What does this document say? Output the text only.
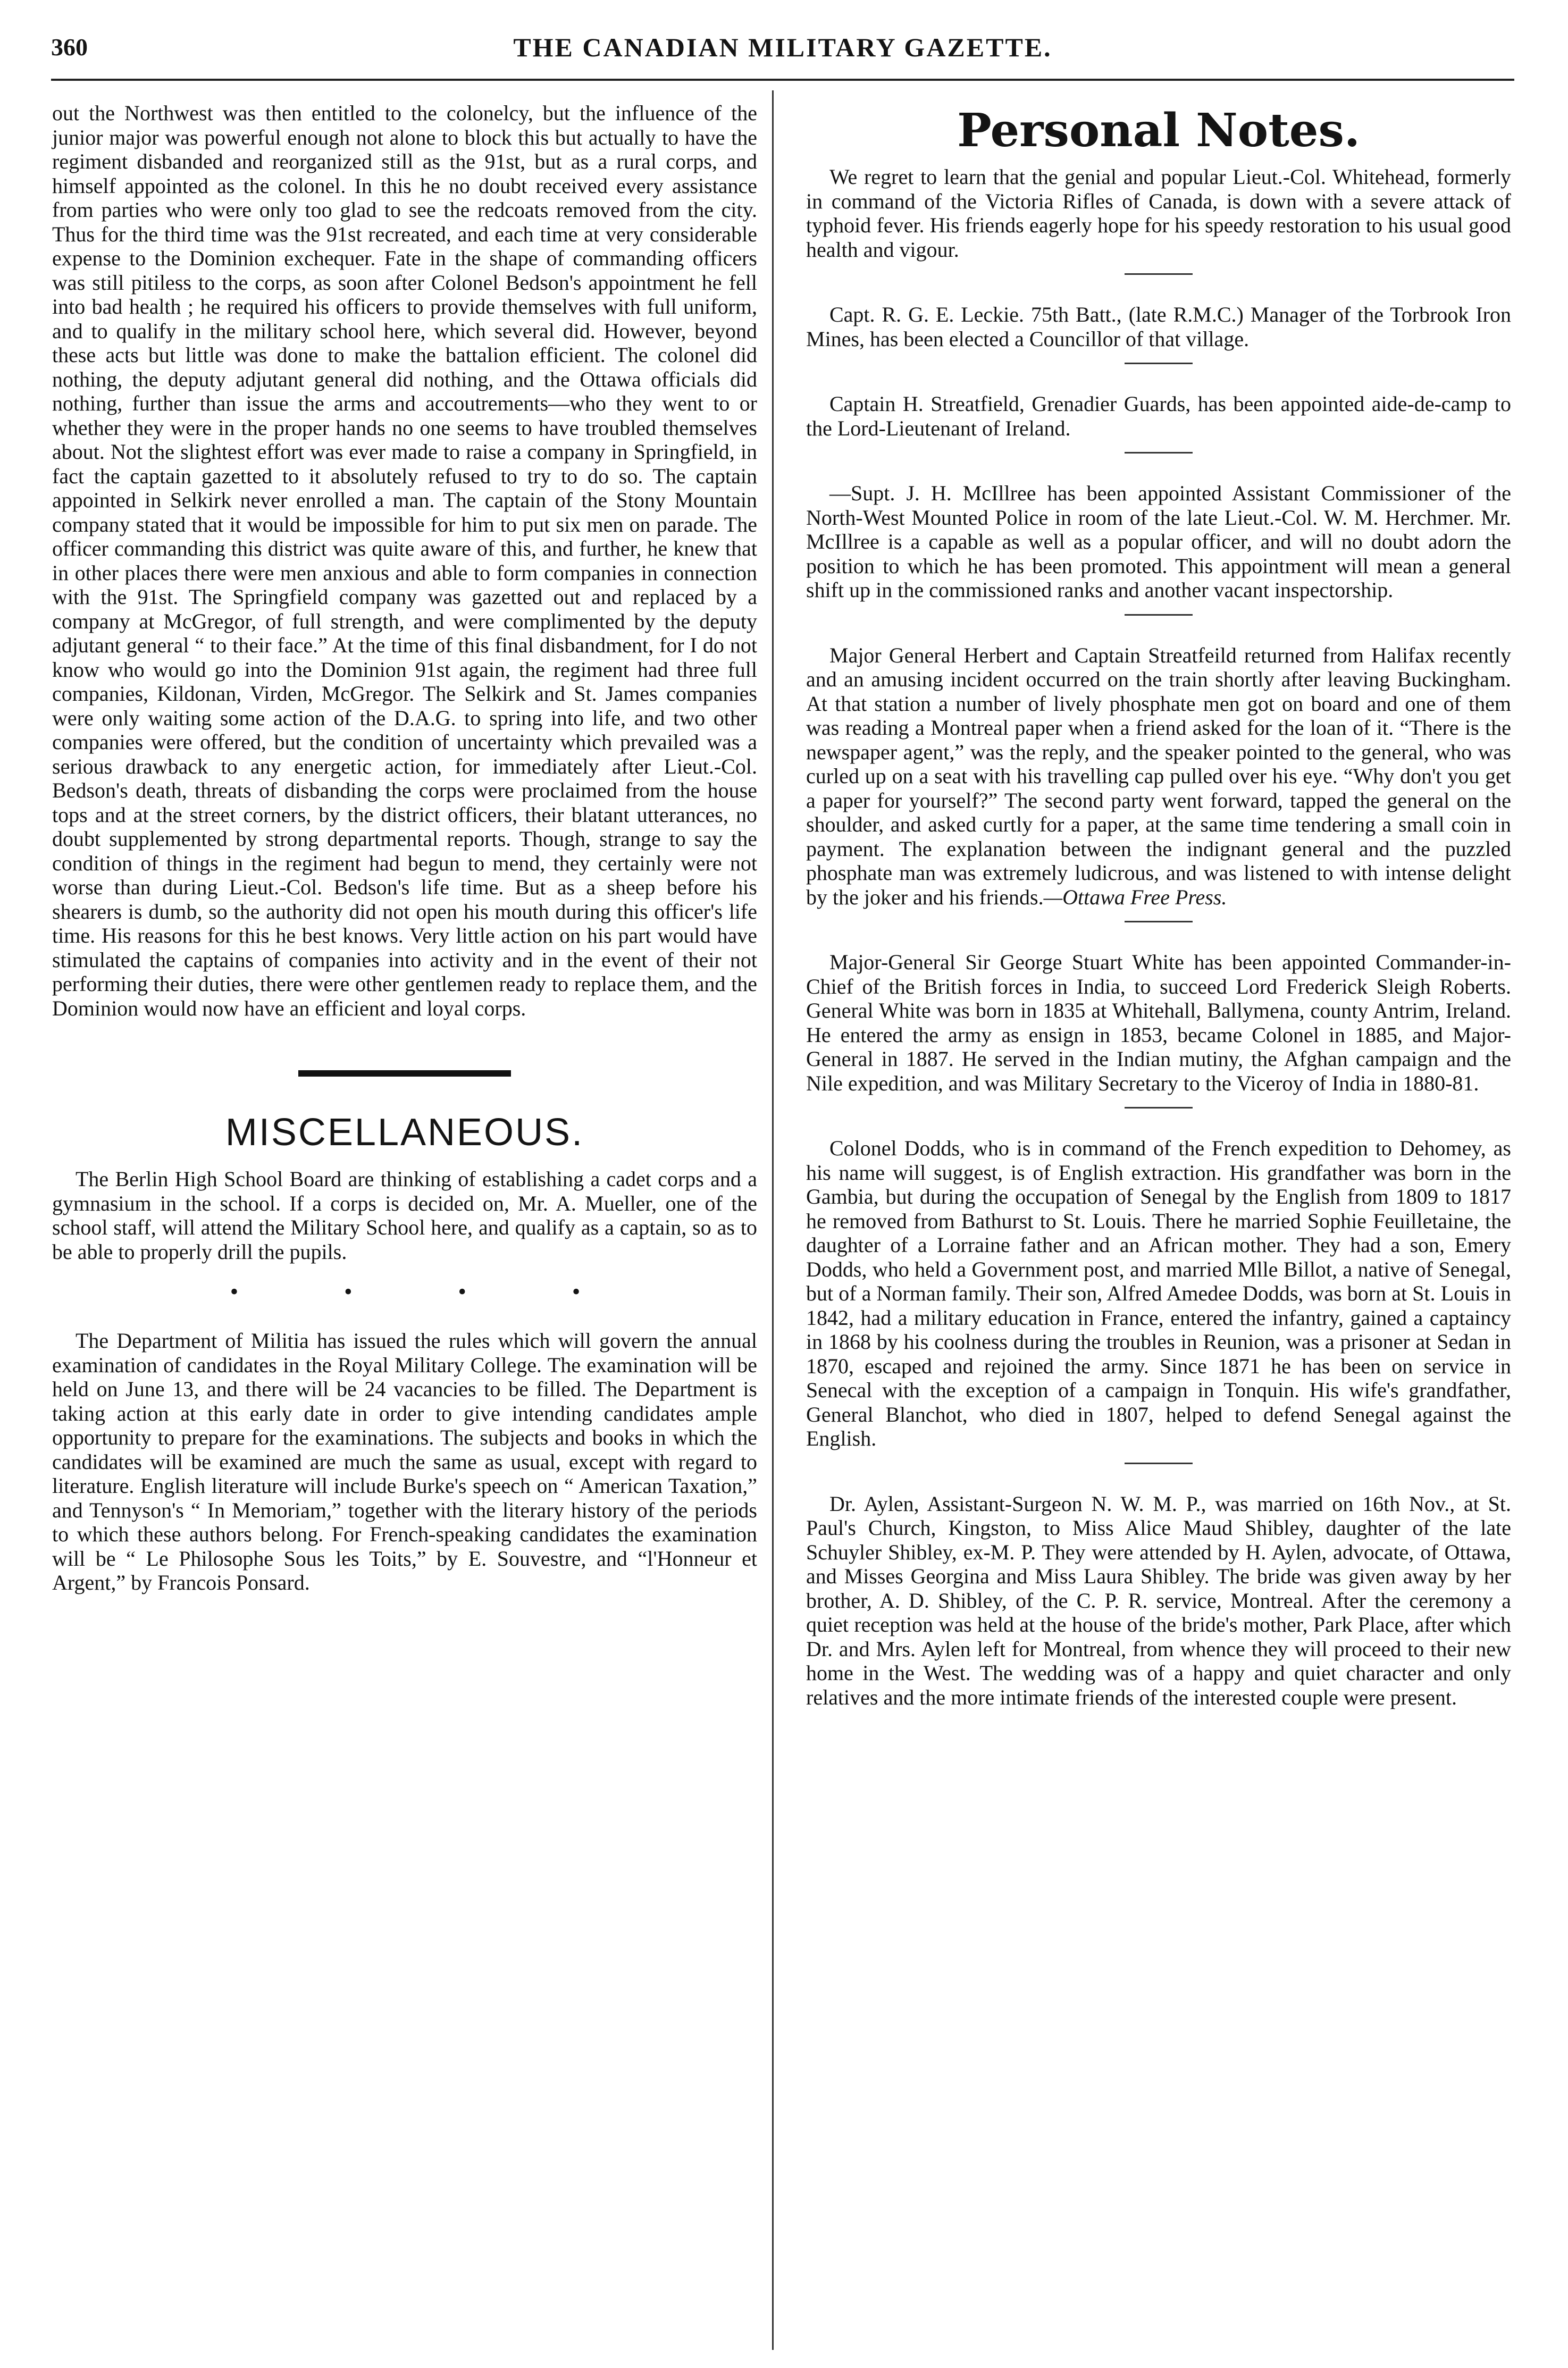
360	THE CANADIAN MILITARY GAZETTE.

out the Northwest was then entitled to the colonelcy, but the influence of the junior major was powerful enough not alone to block this but actually to have the regiment disbanded and reorganized still as the 91st, but as a rural corps, and himself appointed as the colonel. In this he no doubt received every assistance from parties who were only too glad to see the redcoats removed from the city. Thus for the third time was the 91st recreated, and each time at very considerable expense to the Dominion exchequer. Fate in the shape of commanding officers was still pitiless to the corps, as soon after Colonel Bedson's appointment he fell into bad health ; he required his officers to provide themselves with full uniform, and to qualify in the military school here, which several did. However, beyond these acts but little was done to make the battalion efficient. The colonel did nothing, the deputy adjutant general did nothing, and the Ottawa officials did nothing, further than issue the arms and accoutrements—who they went to or whether they were in the proper hands no one seems to have troubled themselves about. Not the slightest effort was ever made to raise a company in Springfield, in fact the captain gazetted to it absolutely refused to try to do so. The captain appointed in Selkirk never enrolled a man. The captain of the Stony Mountain company stated that it would be impossible for him to put six men on parade. The officer commanding this district was quite aware of this, and further, he knew that in other places there were men anxious and able to form companies in connection with the 91st. The Springfield company was gazetted out and replaced by a company at McGregor, of full strength, and were complimented by the deputy adjutant general “ to their face.” At the time of this final disbandment, for I do not know who would go into the Dominion 91st again, the regiment had three full companies, Kildonan, Virden, McGregor. The Selkirk and St. James companies were only waiting some action of the D.A.G. to spring into life, and two other companies were offered, but the condition of uncertainty which prevailed was a serious drawback to any energetic action, for immediately after Lieut.-Col. Bedson's death, threats of disbanding the corps were proclaimed from the house tops and at the street corners, by the district officers, their blatant utterances, no doubt supplemented by strong departmental reports. Though, strange to say the condition of things in the regiment had begun to mend, they certainly were not worse than during Lieut.-Col. Bedson's life time. But as a sheep before his shearers is dumb, so the authority did not open his mouth during this officer's life time. His reasons for this he best knows. Very little action on his part would have stimulated the captains of companies into activity and in the event of their not performing their duties, there were other gentlemen ready to replace them, and the Dominion would now have an efficient and loyal corps.

MISCELLANEOUS.

The Berlin High School Board are thinking of establishing a cadet corps and a gymnasium in the school. If a corps is decided on, Mr. A. Mueller, one of the school staff, will attend the Military School here, and qualify as a captain, so as to be able to properly drill the pupils.

• • • •

The Department of Militia has issued the rules which will govern the annual examination of candidates in the Royal Military College. The examination will be held on June 13, and there will be 24 vacancies to be filled. The Department is taking action at this early date in order to give intending candidates ample opportunity to prepare for the examinations. The subjects and books in which the candidates will be examined are much the same as usual, except with regard to literature. English literature will include Burke's speech on “ American Taxation,” and Tennyson's “ In Memoriam,” together with the literary history of the periods to which these authors belong. For French-speaking candidates the examination will be “ Le Philosophe Sous les Toits,” by E. Souvestre, and “l'Honneur et Argent,” by Francois Ponsard.

Personal Notes.

We regret to learn that the genial and popular Lieut.-Col. Whitehead, formerly in command of the Victoria Rifles of Canada, is down with a severe attack of typhoid fever. His friends eagerly hope for his speedy restoration to his usual good health and vigour.

Capt. R. G. E. Leckie. 75th Batt., (late R.M.C.) Manager of the Torbrook Iron Mines, has been elected a Councillor of that village.

Captain H. Streatfield, Grenadier Guards, has been appointed aide-de-camp to the Lord-Lieutenant of Ireland.

—Supt. J. H. McIllree has been appointed Assistant Commissioner of the North-West Mounted Police in room of the late Lieut.-Col. W. M. Herchmer. Mr. McIllree is a capable as well as a popular officer, and will no doubt adorn the position to which he has been promoted. This appointment will mean a general shift up in the commissioned ranks and another vacant inspectorship.

Major General Herbert and Captain Streatfeild returned from Halifax recently and an amusing incident occurred on the train shortly after leaving Buckingham. At that station a number of lively phosphate men got on board and one of them was reading a Montreal paper when a friend asked for the loan of it. “There is the newspaper agent,” was the reply, and the speaker pointed to the general, who was curled up on a seat with his travelling cap pulled over his eye. “Why don't you get a paper for yourself?” The second party went forward, tapped the general on the shoulder, and asked curtly for a paper, at the same time tendering a small coin in payment. The explanation between the indignant general and the puzzled phosphate man was extremely ludicrous, and was listened to with intense delight by the joker and his friends.—Ottawa Free Press.

Major-General Sir George Stuart White has been appointed Commander-in-Chief of the British forces in India, to succeed Lord Frederick Sleigh Roberts. General White was born in 1835 at Whitehall, Ballymena, county Antrim, Ireland. He entered the army as ensign in 1853, became Colonel in 1885, and Major-General in 1887. He served in the Indian mutiny, the Afghan campaign and the Nile expedition, and was Military Secretary to the Viceroy of India in 1880-81.

Colonel Dodds, who is in command of the French expedition to Dehomey, as his name will suggest, is of English extraction. His grandfather was born in the Gambia, but during the occupation of Senegal by the English from 1809 to 1817 he removed from Bathurst to St. Louis. There he married Sophie Feuilletaine, the daughter of a Lorraine father and an African mother. They had a son, Emery Dodds, who held a Government post, and married Mlle Billot, a native of Senegal, but of a Norman family. Their son, Alfred Amedee Dodds, was born at St. Louis in 1842, had a military education in France, entered the infantry, gained a captaincy in 1868 by his coolness during the troubles in Reunion, was a prisoner at Sedan in 1870, escaped and rejoined the army. Since 1871 he has been on service in Senecal with the exception of a campaign in Tonquin. His wife's grandfather, General Blanchot, who died in 1807, helped to defend Senegal against the English.

Dr. Aylen, Assistant-Surgeon N. W. M. P., was married on 16th Nov., at St. Paul's Church, Kingston, to Miss Alice Maud Shibley, daughter of the late Schuyler Shibley, ex-M. P. They were attended by H. Aylen, advocate, of Ottawa, and Misses Georgina and Miss Laura Shibley. The bride was given away by her brother, A. D. Shibley, of the C. P. R. service, Montreal. After the ceremony a quiet reception was held at the house of the bride's mother, Park Place, after which Dr. and Mrs. Aylen left for Montreal, from whence they will proceed to their new home in the West. The wedding was of a happy and quiet character and only relatives and the more intimate friends of the interested couple were present.
